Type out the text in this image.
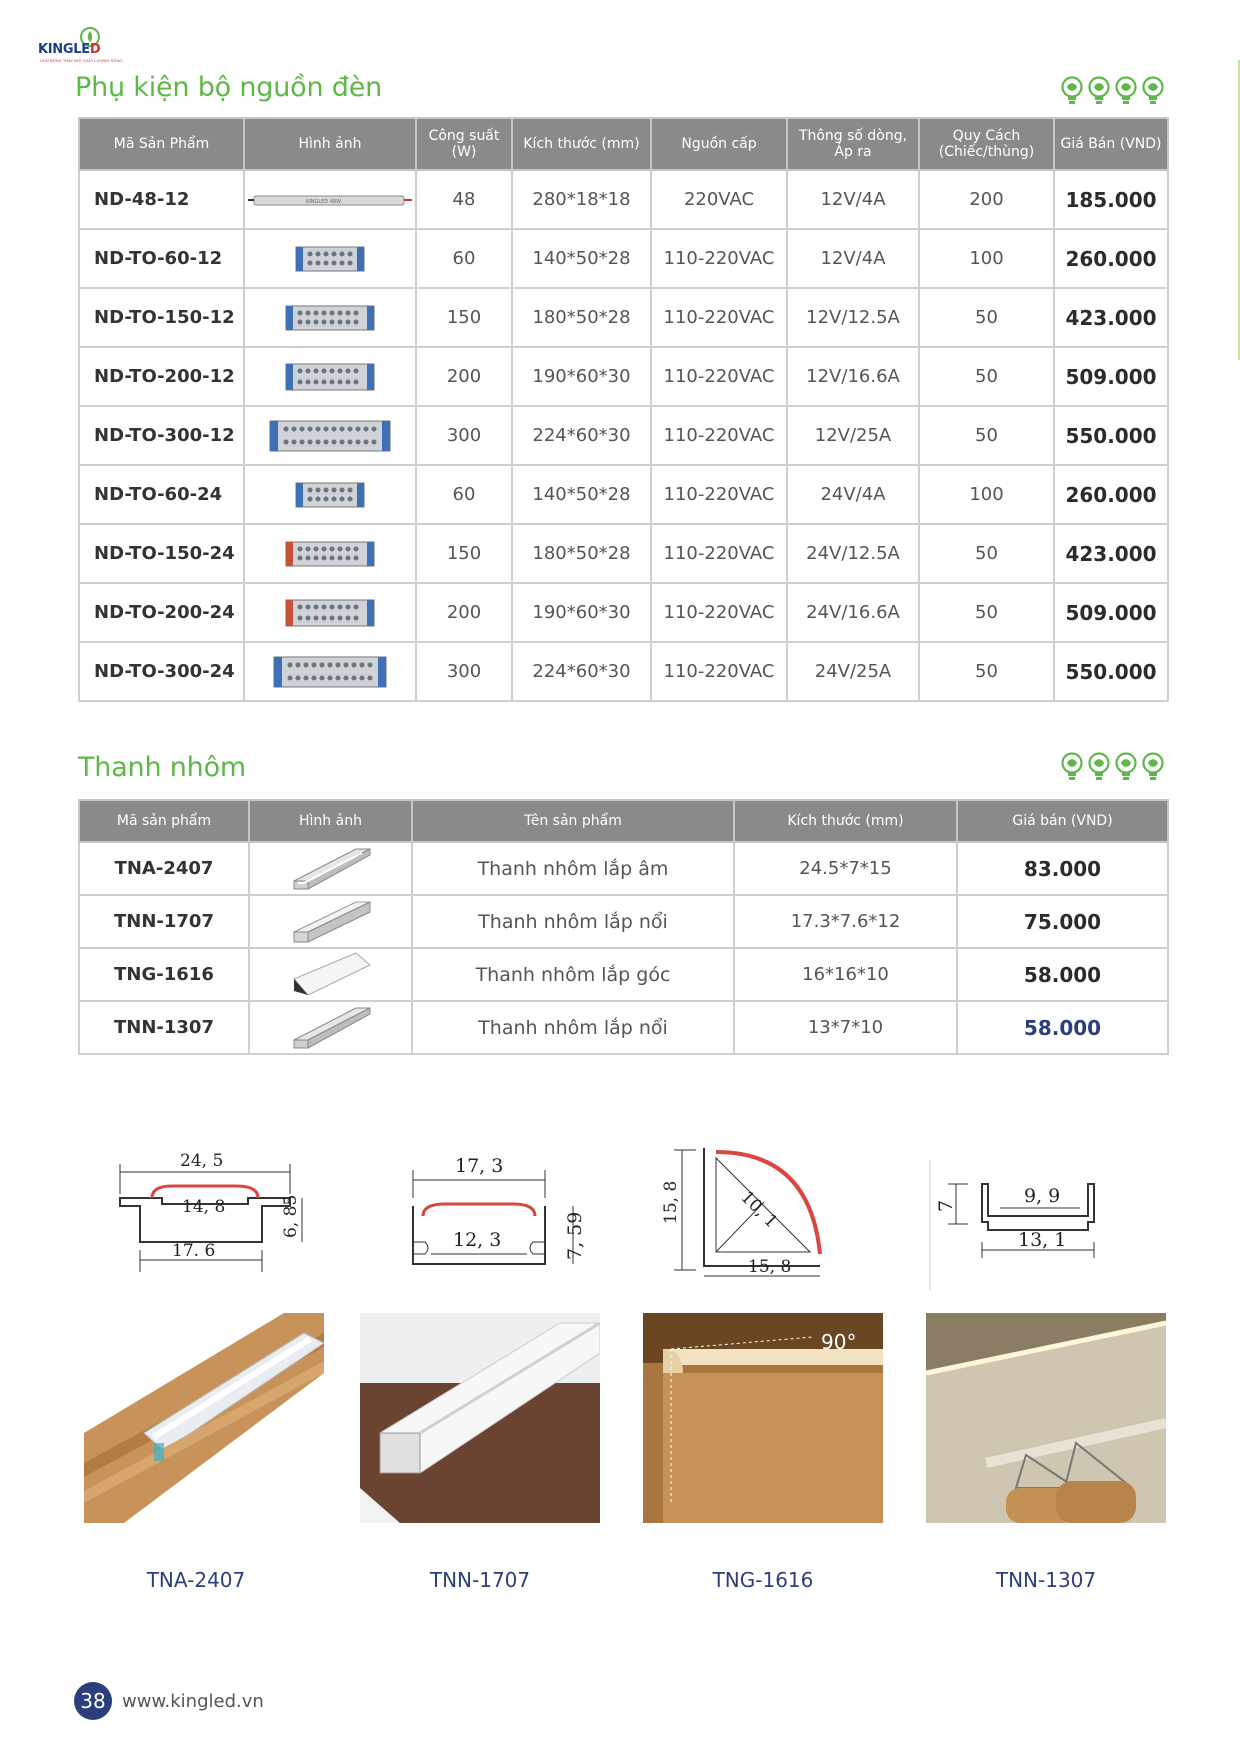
KINGLED
CHỦ ĐỘNG THAY ĐỔI CHẤT LƯỢNG SỐNG
Phụ kiện bộ nguồn đèn
Mã Sản Phẩm	Hình ảnh	Công suất (W)	Kích thước (mm)	Nguồn cấp	Thông số dòng, Áp ra	Quy Cách (Chiếc/thùng)	Giá Bán (VND)
ND-48-12	KINGLED 48W	48	280*18*18	220VAC	12V/4A	200	185.000
ND-TO-60-12		60	140*50*28	110-220VAC	12V/4A	100	260.000
ND-TO-150-12		150	180*50*28	110-220VAC	12V/12.5A	50	423.000
ND-TO-200-12		200	190*60*30	110-220VAC	12V/16.6A	50	509.000
ND-TO-300-12		300	224*60*30	110-220VAC	12V/25A	50	550.000
ND-TO-60-24		60	140*50*28	110-220VAC	24V/4A	100	260.000
ND-TO-150-24		150	180*50*28	110-220VAC	24V/12.5A	50	423.000
ND-TO-200-24		200	190*60*30	110-220VAC	24V/16.6A	50	509.000
ND-TO-300-24		300	224*60*30	110-220VAC	24V/25A	50	550.000
Thanh nhôm
Mã sản phẩm	Hình ảnh	Tên sản phẩm	Kích thước (mm)	Giá bán (VND)
TNA-2407		Thanh nhôm lắp âm	24.5*7*15	83.000
TNN-1707		Thanh nhôm lắp nổi	17.3*7.6*12	75.000
TNG-1616		Thanh nhôm lắp góc	16*16*10	58.000
TNN-1307		Thanh nhôm lắp nổi	13*7*10	58.000
24, 5
14, 8
17. 6
6, 85
17, 3
12, 3	7, 59
15, 8	10, 1
15, 8
7	9, 9
13, 1
90°
TNA-2407	TNN-1707	TNG-1616	TNN-1307
38 www.kingled.vn
